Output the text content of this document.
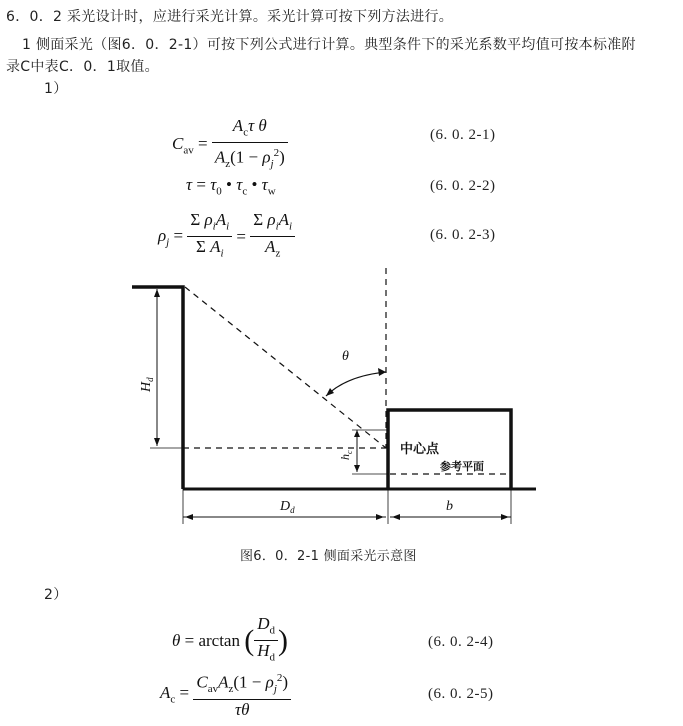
6．0．2 采光设计时，应进行采光计算。采光计算可按下列方法进行。
1 侧面采光（图6．0．2-1）可按下列公式进行计算。典型条件下的采光系数平均值可按本标准附
录C中表C．0．1取值。
1）
$C_{av} = \frac{A_c\tau \theta}{A_z(1 - \rho_j^2)}$	(6. 0. 2-1)
$\tau = \tau_0$ • $\tau_c$ • $\tau_w$	(6. 0. 2-2)
$\rho_j = \frac{\Sigma \rho_iA_i}{\Sigma A_i} = \frac{\Sigma \rho_iA_i}{A_z}$	(6. 0. 2-3)
θ
$H_d$
$h_c$
$D_d$	b
中心点
参考平面
图6．0．2-1 侧面采光示意图
2）
θ = arctan ( $\frac{D_d}{H_d}$ )	(6. 0. 2-4)
$A_c = \frac{C_{av}A_z(1 - \rho_j^2)}{\tau\theta}$	(6. 0. 2-5)
